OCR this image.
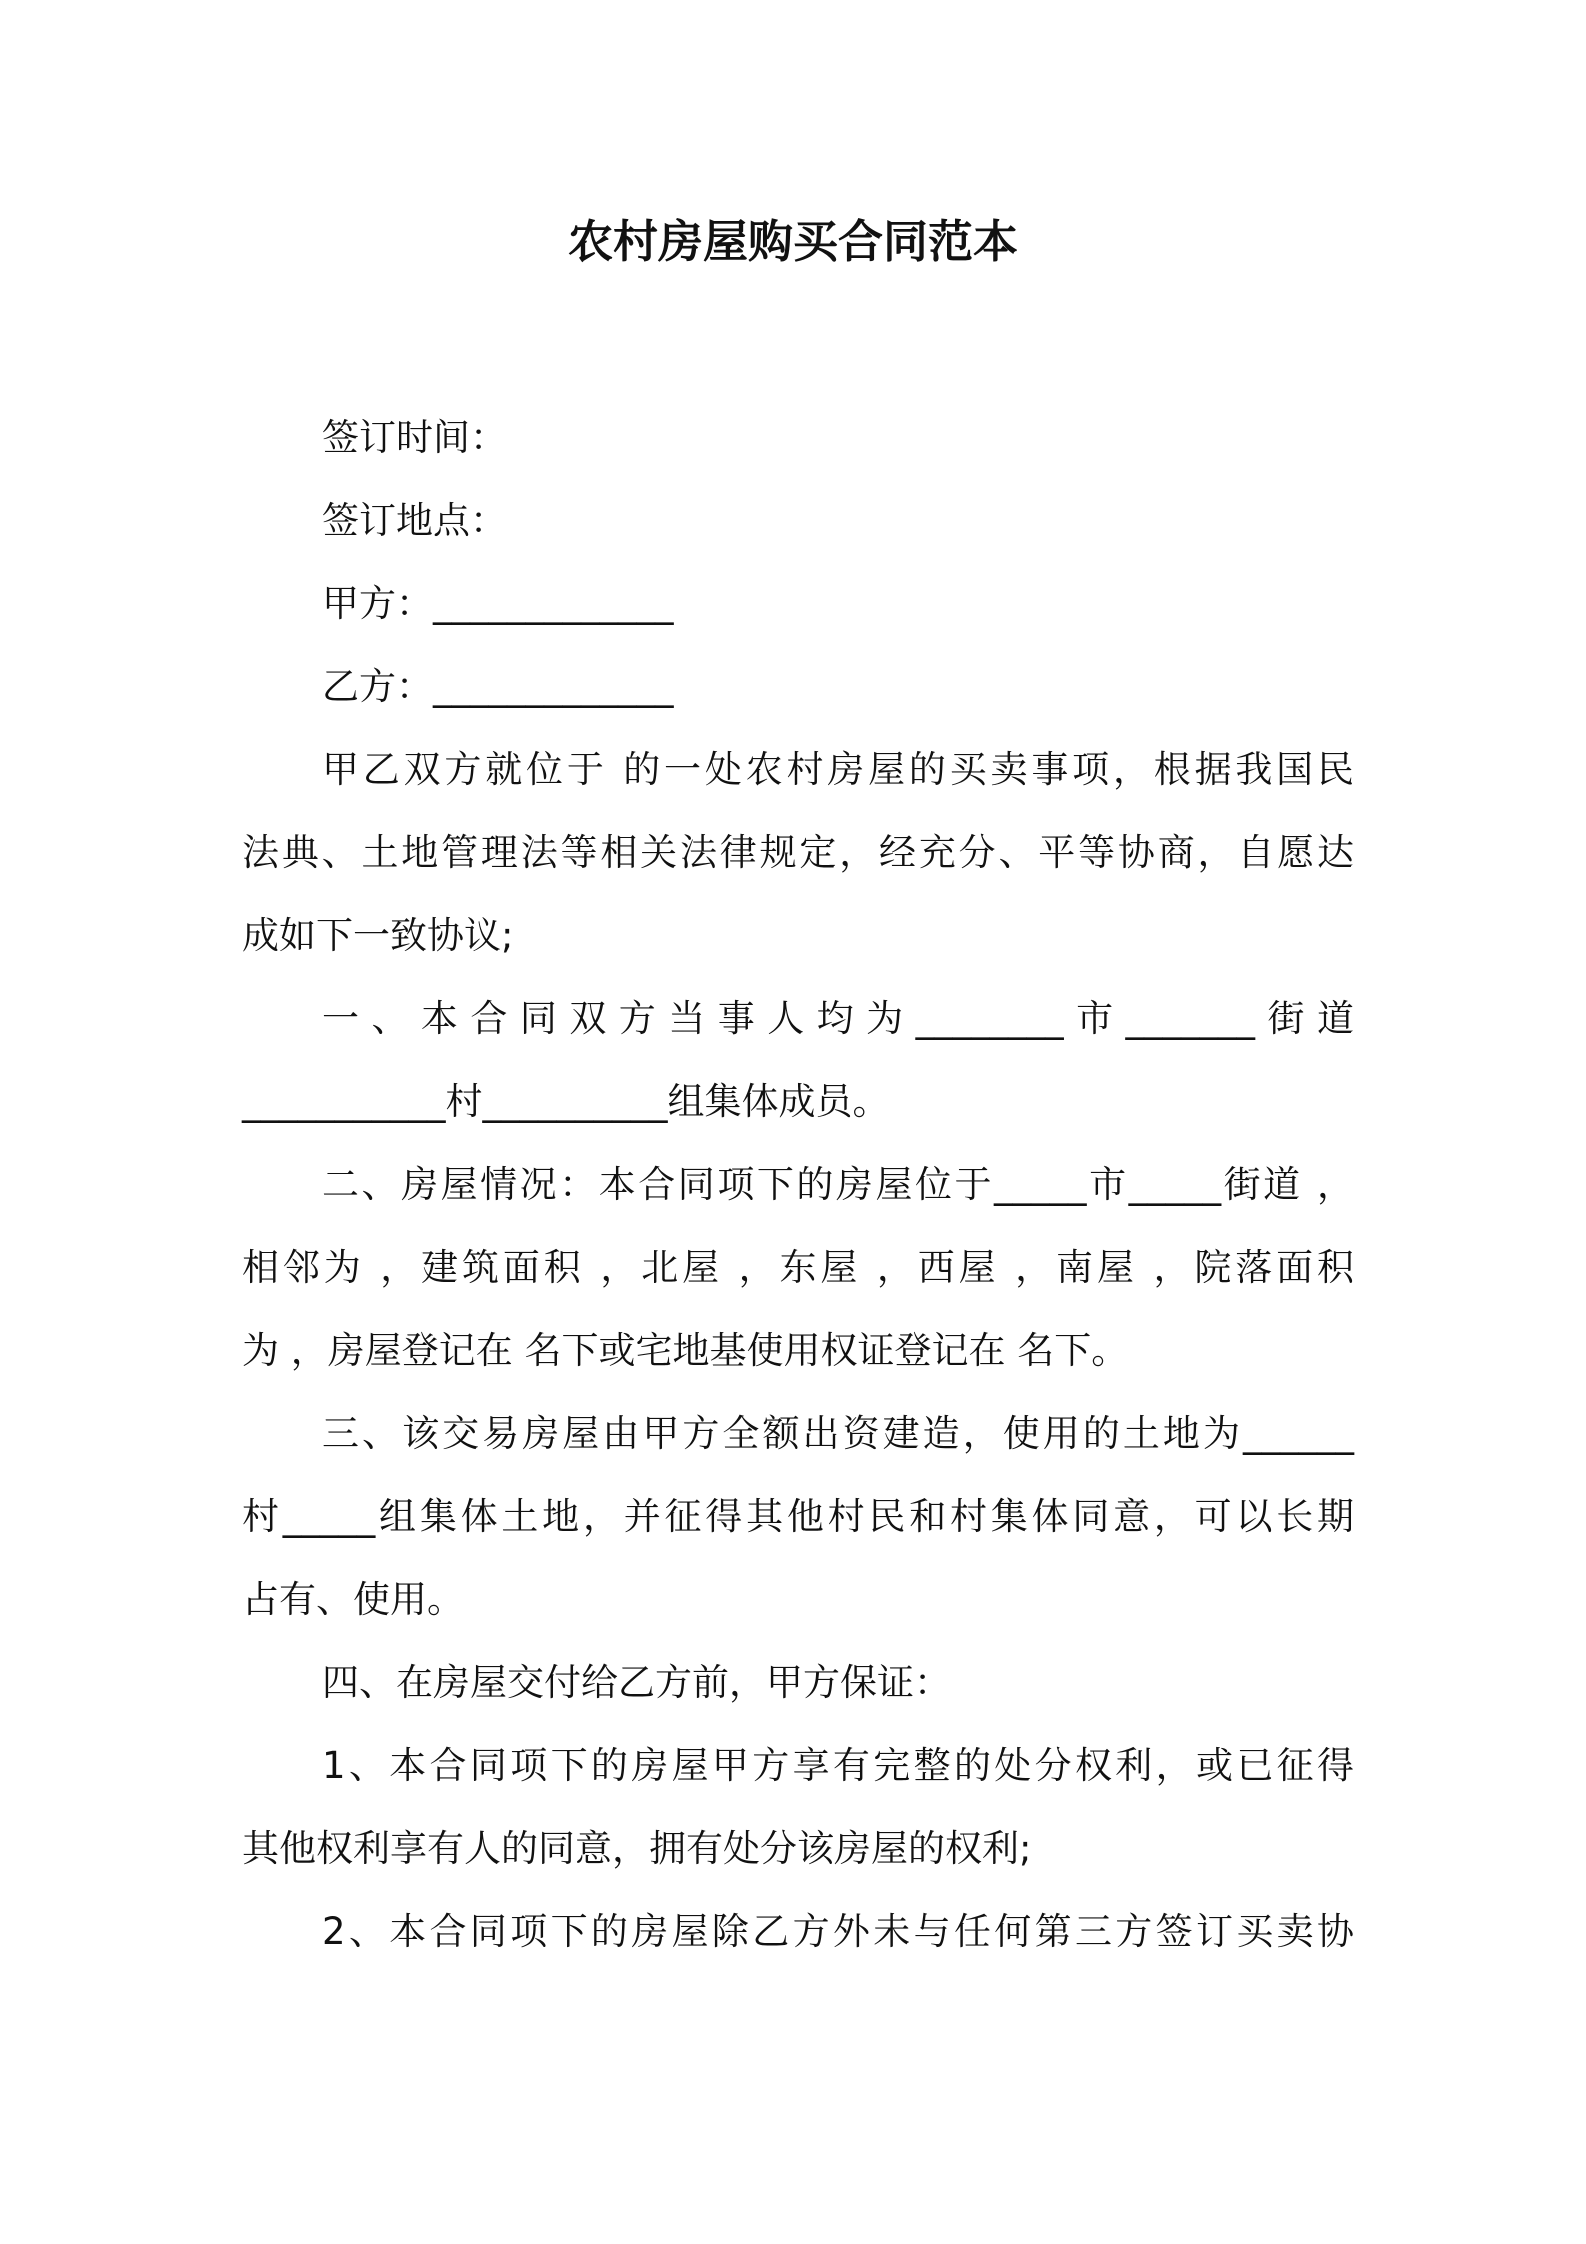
农村房屋购买合同范本
签订时间：
签订地点：
甲方：_____________
乙方：_____________
甲乙双方就位于 的一处农村房屋的买卖事项，根据我国民
法典、土地管理法等相关法律规定，经充分、平等协商，自愿达
成如下一致协议;
一、本合同双方当事人均为________市_______街道
___________村__________组集体成员。
二、房屋情况：本合同项下的房屋位于_____市_____街道 ，
相邻为 ，建筑面积 ，北屋 ，东屋 ，西屋 ，南屋 ，院落面积
为 ，房屋登记在 名下或宅地基使用权证登记在 名下。
三、该交易房屋由甲方全额出资建造，使用的土地为______
村_____组集体土地，并征得其他村民和村集体同意，可以长期
占有、使用。
四、在房屋交付给乙方前，甲方保证：
1、本合同项下的房屋甲方享有完整的处分权利，或已征得
其他权利享有人的同意，拥有处分该房屋的权利;
2、本合同项下的房屋除乙方外未与任何第三方签订买卖协
